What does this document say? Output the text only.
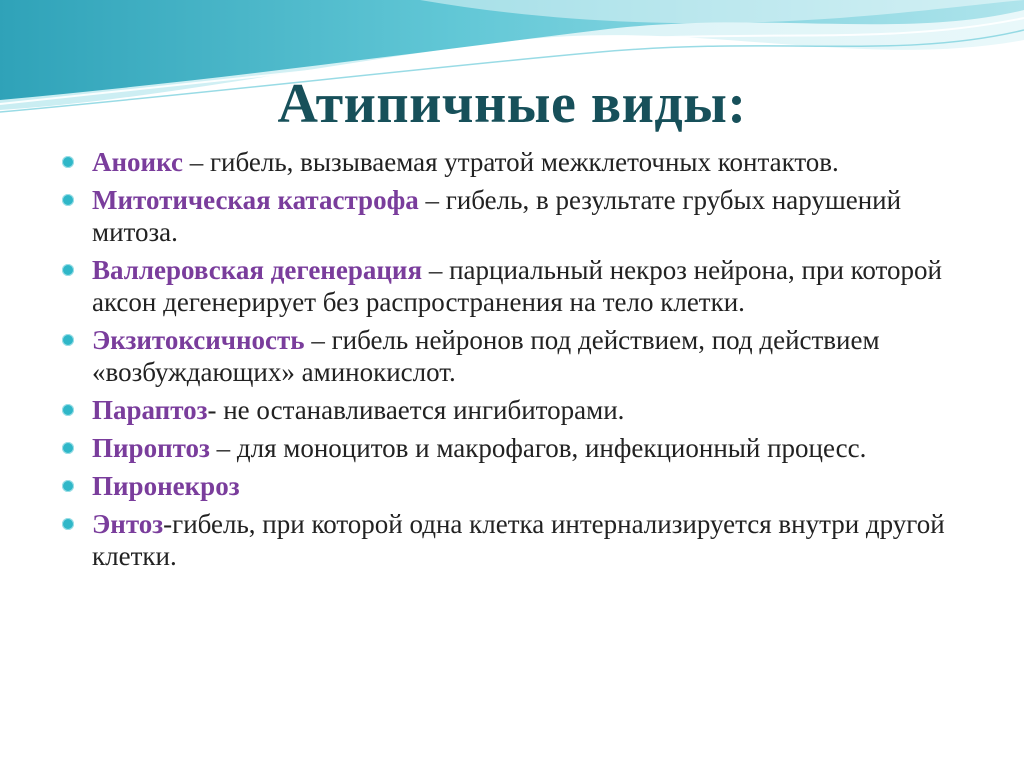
Атипичные виды:
Аноикс – гибель, вызываемая утратой межклеточных контактов.
Митотическая катастрофа – гибель, в результате грубых нарушений митоза.
Валлеровская дегенерация – парциальный некроз нейрона, при которой аксон дегенерирует без распространения на тело клетки.
Экзитоксичность – гибель нейронов под действием, под действием «возбуждающих» аминокислот.
Параптоз- не останавливается ингибиторами.
Пироптоз – для моноцитов и макрофагов, инфекционный процесс.
Пиронекроз
Энтоз-гибель, при которой одна клетка интернализируется внутри другой клетки.
